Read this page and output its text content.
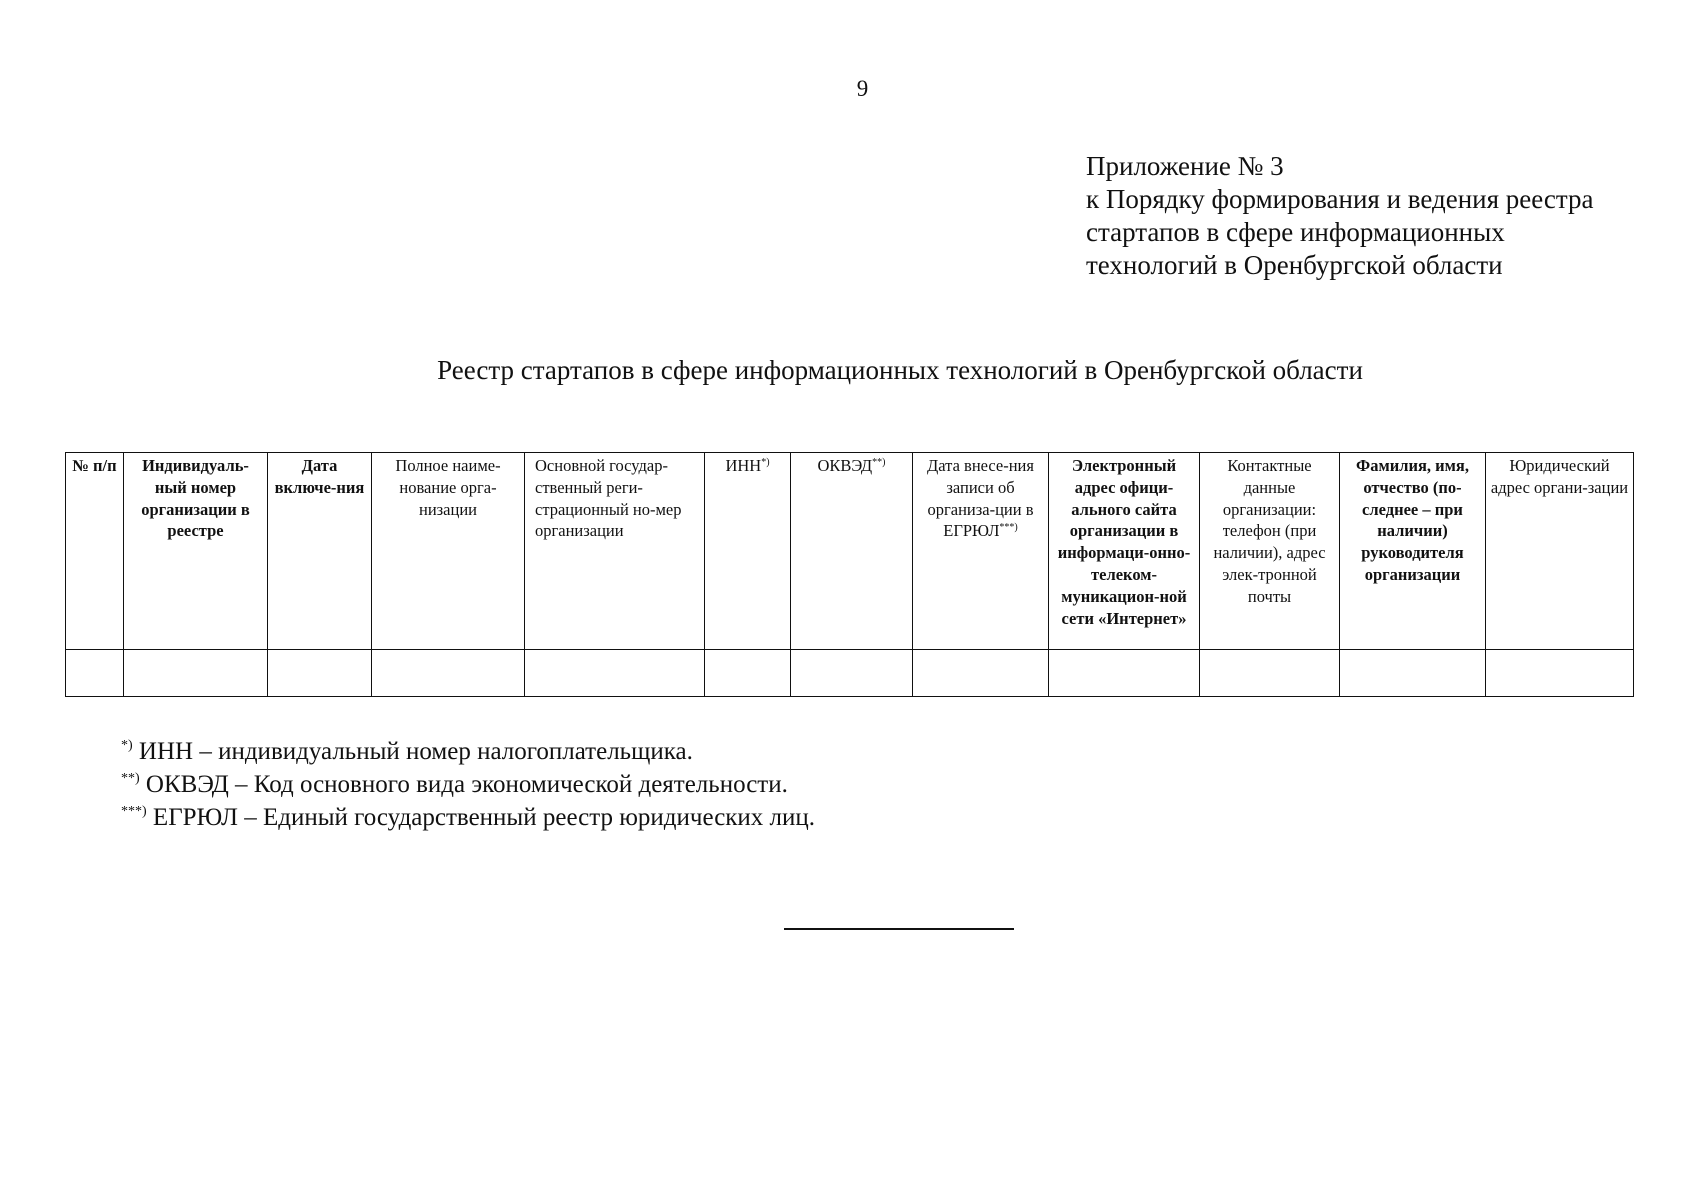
9
Приложение № 3
к Порядку формирования и ведения реестра
стартапов в сфере информационных
технологий в Оренбургской области
Реестр стартапов в сфере информационных технологий в Оренбургской области
№ п/п	Индивидуаль-ный номер организации в реестре	Дата включе-ния	Полное наиме-нование орга-низации	Основной государ-ственный реги-страционный но-мер организации	ИНН*)	ОКВЭД**)	Дата внесе-ния записи об организа-ции в ЕГРЮЛ***)	Электронный адрес офици-ального сайта организации в информаци-онно-телеком-муникацион-ной сети «Интернет»	Контактные данные организации: телефон (при наличии), адрес элек-тронной почты	Фамилия, имя, отчество (по-следнее – при наличии) руководителя организации	Юридический адрес органи-зации

*) ИНН – индивидуальный номер налогоплательщика.
**) ОКВЭД – Код основного вида экономической деятельности.
***) ЕГРЮЛ – Единый государственный реестр юридических лиц.
